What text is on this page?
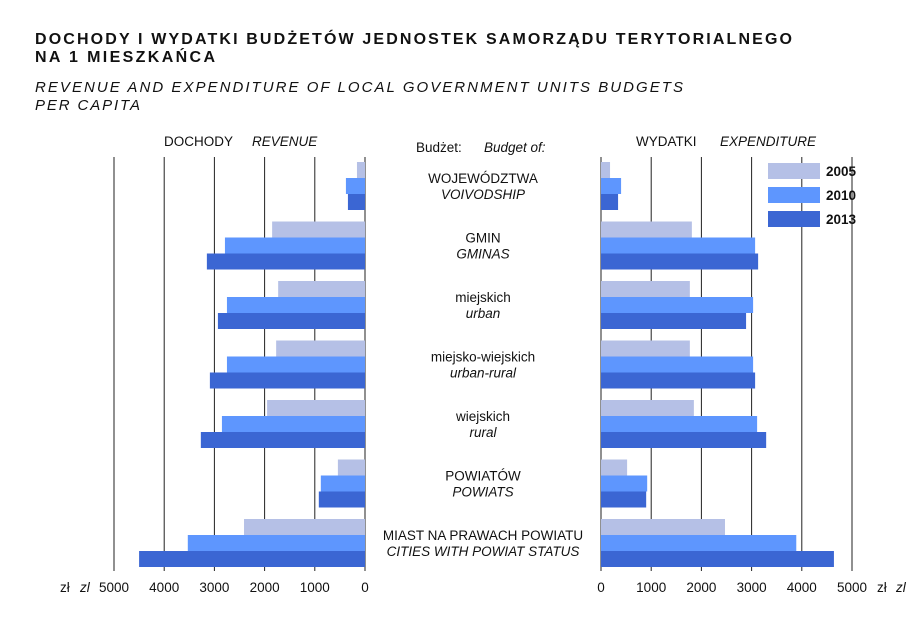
DOCHODY I WYDATKI BUDŻETÓW JEDNOSTEK SAMORZĄDU TERYTORIALNEGO
NA 1 MIESZKAŃCA
REVENUE AND EXPENDITURE OF LOCAL GOVERNMENT UNITS BUDGETS
PER CAPITA
DOCHODY REVENUE	Budżet: Budget of:	WYDATKI EXPENDITURE
WOJEWÓDZTWA
VOIVODSHIP
GMIN
GMINAS
miejskich
urban
miejsko-wiejskich
urban-rural
wiejskich
rural
POWIATÓW
POWIATS
MIAST NA PRAWACH POWIATU
CITIES WITH POWIAT STATUS
0
1000
2000
3000
4000
5000	0 1000 2000 3000 4000 5000
2005
2010
2013
zł zl	zł zl
